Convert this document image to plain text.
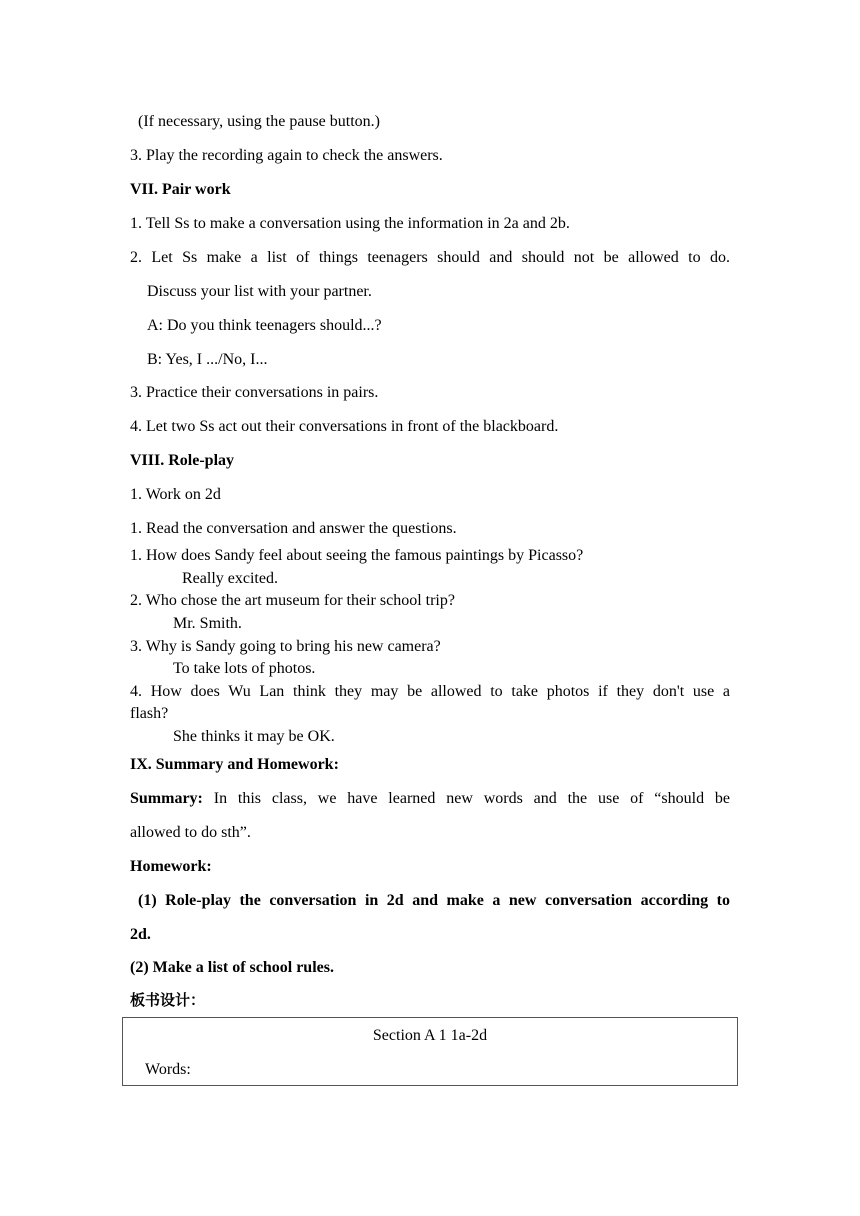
(If necessary, using the pause button.)
3. Play the recording again to check the answers.
VII. Pair work
1. Tell Ss to make a conversation using the information in 2a and 2b.
2. Let Ss make a list of things teenagers should and should not be allowed to do.
Discuss your list with your partner.
A: Do you think teenagers should...?
B: Yes, I .../No, I...
3. Practice their conversations in pairs.
4. Let two Ss act out their conversations in front of the blackboard.
VIII. Role-play
1. Work on 2d
1. Read the conversation and answer the questions.
1. How does Sandy feel about seeing the famous paintings by Picasso?
Really excited.
2. Who chose the art museum for their school trip?
Mr. Smith.
3. Why is Sandy going to bring his new camera?
To take lots of photos.
4. How does Wu Lan think they may be allowed to take photos if they don't use a
flash?
She thinks it may be OK.
IX. Summary and Homework:
Summary: In this class, we have learned new words and the use of “should be
allowed to do sth”.
Homework:
(1) Role-play the conversation in 2d and make a new conversation according to
2d.
(2) Make a list of school rules.
板书设计：
Section A 1 1a-2d
Words:
